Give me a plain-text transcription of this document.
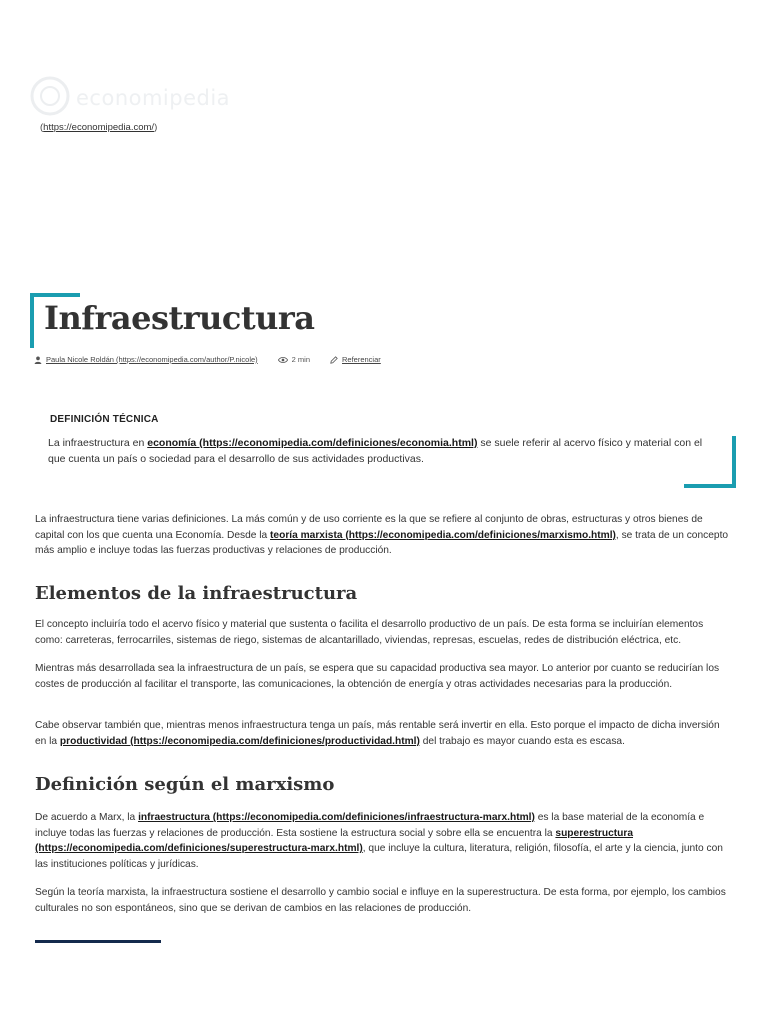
economipedia
(https://economipedia.com/)
Infraestructura
Paula Nicole Roldán (https://economipedia.com/author/P.nicole)	2 min	Referenciar
DEFINICIÓN TÉCNICA

La infraestructura en economía (https://economipedia.com/definiciones/economia.html) se suele referir al acervo físico y material con el que cuenta un país o sociedad para el desarrollo de sus actividades productivas.

La infraestructura tiene varias definiciones. La más común y de uso corriente es la que se refiere al conjunto de obras, estructuras y otros bienes de capital con los que cuenta una Economía. Desde la teoría marxista (https://economipedia.com/definiciones/marxismo.html), se trata de un concepto más amplio e incluye todas las fuerzas productivas y relaciones de producción.

Elementos de la infraestructura

El concepto incluiría todo el acervo físico y material que sustenta o facilita el desarrollo productivo de un país. De esta forma se incluirían elementos como: carreteras, ferrocarriles, sistemas de riego, sistemas de alcantarillado, viviendas, represas, escuelas, redes de distribución eléctrica, etc.

Mientras más desarrollada sea la infraestructura de un país, se espera que su capacidad productiva sea mayor. Lo anterior por cuanto se reducirían los costes de producción al facilitar el transporte, las comunicaciones, la obtención de energía y otras actividades necesarias para la producción.

Cabe observar también que, mientras menos infraestructura tenga un país, más rentable será invertir en ella. Esto porque el impacto de dicha inversión en la productividad (https://economipedia.com/definiciones/productividad.html) del trabajo es mayor cuando esta es escasa.

Definición según el marxismo

De acuerdo a Marx, la infraestructura (https://economipedia.com/definiciones/infraestructura-marx.html) es la base material de la economía e incluye todas las fuerzas y relaciones de producción. Esta sostiene la estructura social y sobre ella se encuentra la superestructura (https://economipedia.com/definiciones/superestructura-marx.html), que incluye la cultura, literatura, religión, filosofía, el arte y la ciencia, junto con las instituciones políticas y jurídicas.

Según la teoría marxista, la infraestructura sostiene el desarrollo y cambio social e influye en la superestructura. De esta forma, por ejemplo, los cambios culturales no son espontáneos, sino que se derivan de cambios en las relaciones de producción.
